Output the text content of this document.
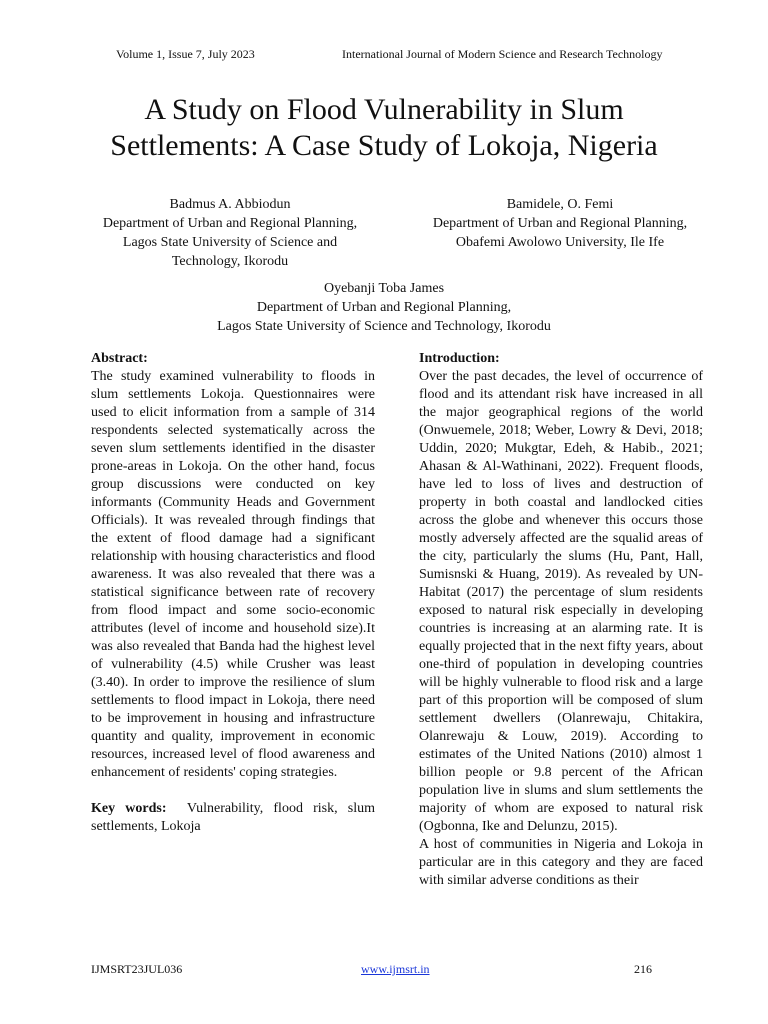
Volume 1, Issue 7, July 2023	International Journal of Modern Science and Research Technology
A Study on Flood Vulnerability in Slum
Settlements: A Case Study of Lokoja, Nigeria
Badmus A. Abbiodun
Department of Urban and Regional Planning,
Lagos State University of Science and
Technology, Ikorodu
Bamidele, O. Femi
Department of Urban and Regional Planning,
Obafemi Awolowo University, Ile Ife
Oyebanji Toba James
Department of Urban and Regional Planning,
Lagos State University of Science and Technology, Ikorodu
Abstract:

The study examined vulnerability to floods in slum settlements Lokoja. Questionnaires were used to elicit information from a sample of 314 respondents selected systematically across the seven slum settlements identified in the disaster prone-areas in Lokoja. On the other hand, focus group discussions were conducted on key informants (Community Heads and Government Officials). It was revealed through findings that the extent of flood damage had a significant relationship with housing characteristics and flood awareness. It was also revealed that there was a statistical significance between rate of recovery from flood impact and some socio-economic attributes (level of income and household size).It was also revealed that Banda had the highest level of vulnerability (4.5) while Crusher was least (3.40). In order to improve the resilience of slum settlements to flood impact in Lokoja, there need to be improvement in housing and infrastructure quantity and quality, improvement in economic resources, increased level of flood awareness and enhancement of residents' coping strategies.

Key words: Vulnerability, flood risk, slum settlements, Lokoja

Introduction:

Over the past decades, the level of occurrence of flood and its attendant risk have increased in all the major geographical regions of the world (Onwuemele, 2018; Weber, Lowry & Devi, 2018; Uddin, 2020; Mukgtar, Edeh, & Habib., 2021; Ahasan & Al-Wathinani, 2022). Frequent floods, have led to loss of lives and destruction of property in both coastal and landlocked cities across the globe and whenever this occurs those mostly adversely affected are the squalid areas of the city, particularly the slums (Hu, Pant, Hall, Sumisnski & Huang, 2019). As revealed by UN-Habitat (2017) the percentage of slum residents exposed to natural risk especially in developing countries is increasing at an alarming rate. It is equally projected that in the next fifty years, about one-third of population in developing countries will be highly vulnerable to flood risk and a large part of this proportion will be composed of slum settlement dwellers (Olanrewaju, Chitakira, Olanrewaju & Louw, 2019). According to estimates of the United Nations (2010) almost 1 billion people or 9.8 percent of the African population live in slums and slum settlements the majority of whom are exposed to natural risk (Ogbonna, Ike and Delunzu, 2015).

A host of communities in Nigeria and Lokoja in particular are in this category and they are faced with similar adverse conditions as their

IJMSRT23JUL036	www.ijmsrt.in	216
